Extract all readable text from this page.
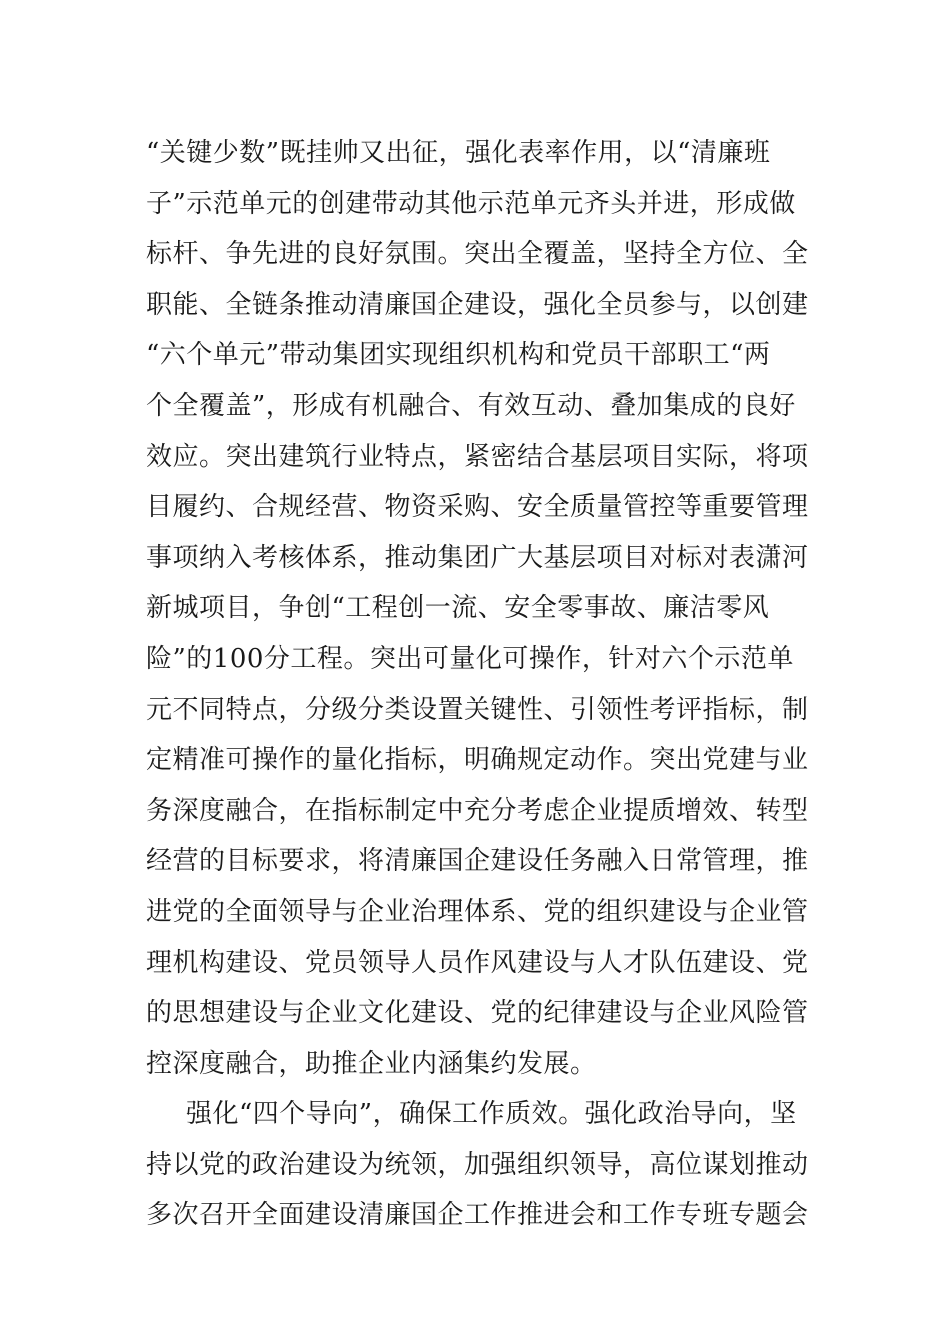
“关键少数”既挂帅又出征，强化表率作用，以“清廉班
子”示范单元的创建带动其他示范单元齐头并进，形成做
标杆、争先进的良好氛围。突出全覆盖，坚持全方位、全
职能、全链条推动清廉国企建设，强化全员参与，以创建
“六个单元”带动集团实现组织机构和党员干部职工“两
个全覆盖”，形成有机融合、有效互动、叠加集成的良好
效应。突出建筑行业特点，紧密结合基层项目实际，将项
目履约、合规经营、物资采购、安全质量管控等重要管理
事项纳入考核体系，推动集团广大基层项目对标对表潇河
新城项目，争创“工程创一流、安全零事故、廉洁零风
险”的100分工程。突出可量化可操作，针对六个示范单
元不同特点，分级分类设置关键性、引领性考评指标，制
定精准可操作的量化指标，明确规定动作。突出党建与业
务深度融合，在指标制定中充分考虑企业提质增效、转型
经营的目标要求，将清廉国企建设任务融入日常管理，推
进党的全面领导与企业治理体系、党的组织建设与企业管
理机构建设、党员领导人员作风建设与人才队伍建设、党
的思想建设与企业文化建设、党的纪律建设与企业风险管
控深度融合，助推企业内涵集约发展。
强化“四个导向”，确保工作质效。强化政治导向，坚
持以党的政治建设为统领，加强组织领导，高位谋划推动
多次召开全面建设清廉国企工作推进会和工作专班专题会
